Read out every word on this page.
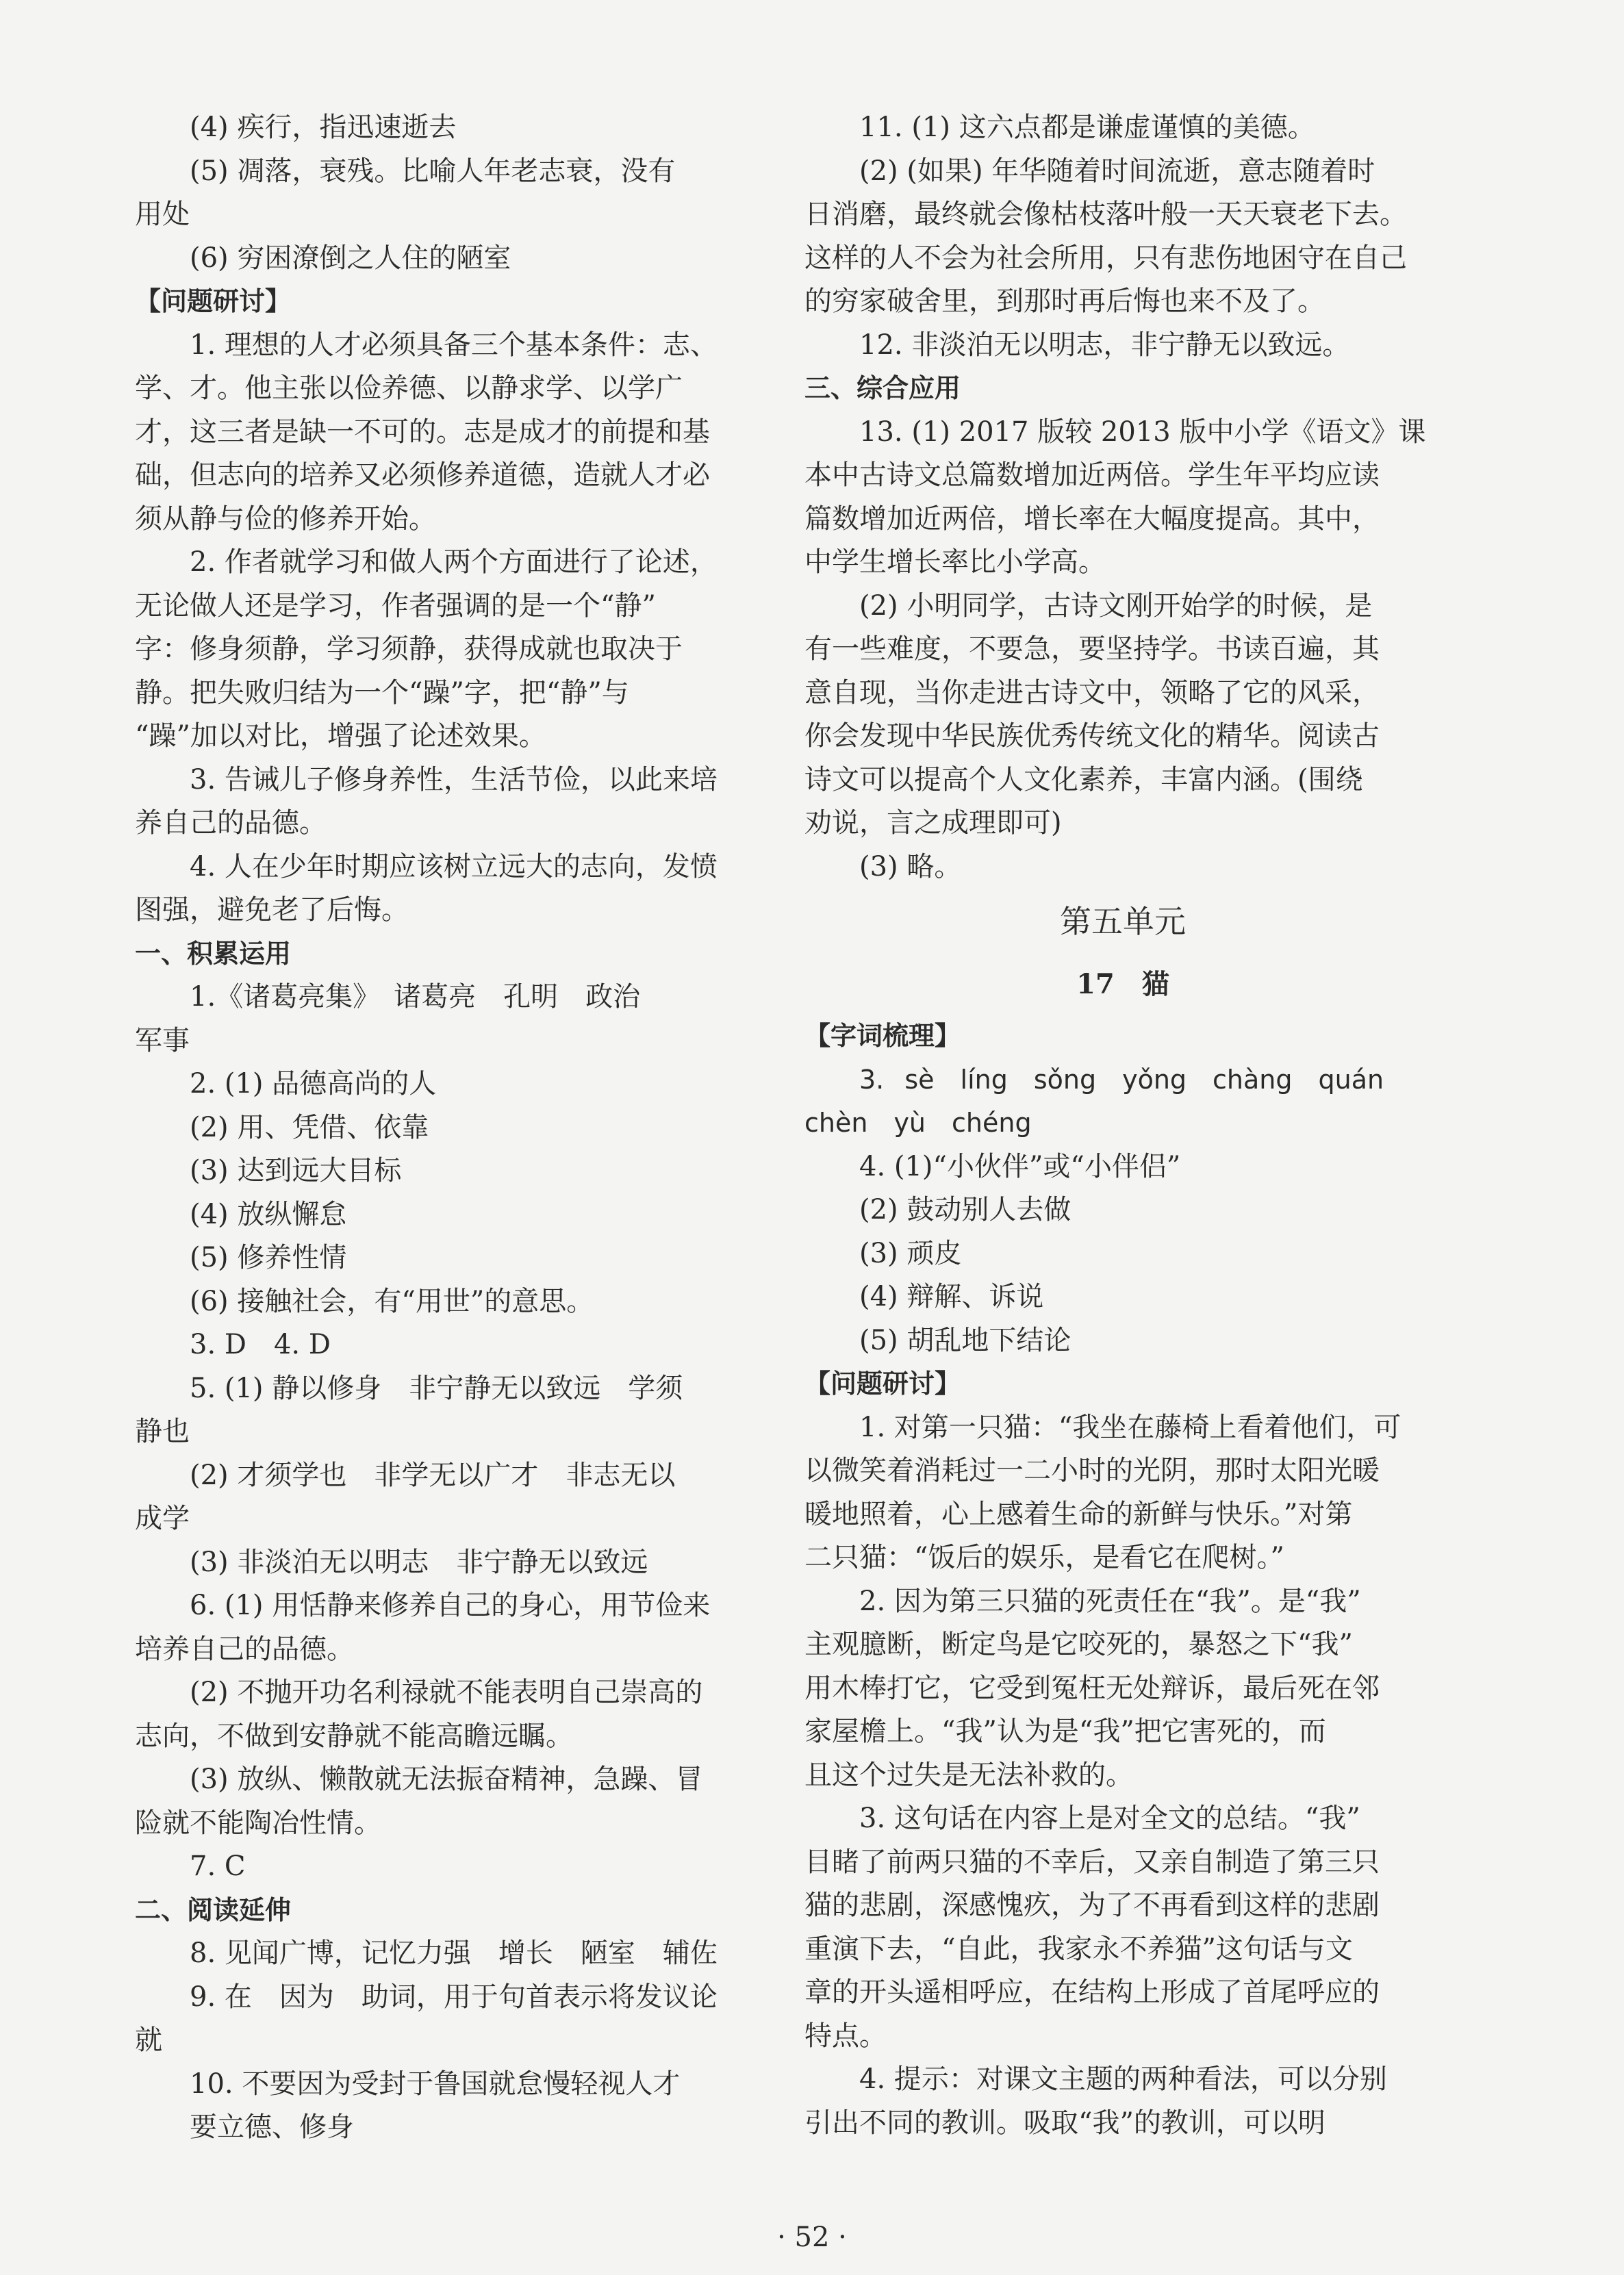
(4) 疾行，指迅速逝去
(5) 凋落，衰残。比喻人年老志衰，没有
用处
(6) 穷困潦倒之人住的陋室
【问题研讨】
1. 理想的人才必须具备三个基本条件：志、
学、才。他主张以俭养德、以静求学、以学广
才，这三者是缺一不可的。志是成才的前提和基
础，但志向的培养又必须修养道德，造就人才必
须从静与俭的修养开始。
2. 作者就学习和做人两个方面进行了论述，
无论做人还是学习，作者强调的是一个“静”
字：修身须静，学习须静，获得成就也取决于
静。把失败归结为一个“躁”字，把“静”与
“躁”加以对比，增强了论述效果。
3. 告诫儿子修身养性，生活节俭，以此来培
养自己的品德。
4. 人在少年时期应该树立远大的志向，发愤
图强，避免老了后悔。
一、积累运用
1.《诸葛亮集》　诸葛亮　孔明　政治
军事
2. (1) 品德高尚的人
(2) 用、凭借、依靠
(3) 达到远大目标
(4) 放纵懈怠
(5) 修养性情
(6) 接触社会，有“用世”的意思。
3. D　4. D
5. (1) 静以修身　非宁静无以致远　学须
静也
(2) 才须学也　非学无以广才　非志无以
成学
(3) 非淡泊无以明志　非宁静无以致远
6. (1) 用恬静来修养自己的身心，用节俭来
培养自己的品德。
(2) 不抛开功名利禄就不能表明自己崇高的
志向，不做到安静就不能高瞻远瞩。
(3) 放纵、懒散就无法振奋精神，急躁、冒
险就不能陶冶性情。
7. C
二、阅读延伸
8. 见闻广博，记忆力强　增长　陋室　辅佐
9. 在　因为　助词，用于句首表示将发议论
就
10. 不要因为受封于鲁国就怠慢轻视人才
要立德、修身
11. (1) 这六点都是谦虚谨慎的美德。
(2) (如果) 年华随着时间流逝，意志随着时
日消磨，最终就会像枯枝落叶般一天天衰老下去。
这样的人不会为社会所用，只有悲伤地困守在自己
的穷家破舍里，到那时再后悔也来不及了。
12. 非淡泊无以明志，非宁静无以致远。
三、综合应用
13. (1) 2017 版较 2013 版中小学《语文》课
本中古诗文总篇数增加近两倍。学生年平均应读
篇数增加近两倍，增长率在大幅度提高。其中，
中学生增长率比小学高。
(2) 小明同学，古诗文刚开始学的时候，是
有一些难度，不要急，要坚持学。书读百遍，其
意自现，当你走进古诗文中，领略了它的风采，
你会发现中华民族优秀传统文化的精华。阅读古
诗文可以提高个人文化素养，丰富内涵。(围绕
劝说，言之成理即可)
(3) 略。
第五单元
17　猫
【字词梳理】
3. sè　líng　sǒng　yǒng　chàng　quán
chèn　yù　chéng
4. (1)“小伙伴”或“小伴侣”
(2) 鼓动别人去做
(3) 顽皮
(4) 辩解、诉说
(5) 胡乱地下结论
【问题研讨】
1. 对第一只猫：“我坐在藤椅上看着他们，可
以微笑着消耗过一二小时的光阴，那时太阳光暖
暖地照着，心上感着生命的新鲜与快乐。”对第
二只猫：“饭后的娱乐，是看它在爬树。”
2. 因为第三只猫的死责任在“我”。是“我”
主观臆断，断定鸟是它咬死的，暴怒之下“我”
用木棒打它，它受到冤枉无处辩诉，最后死在邻
家屋檐上。“我”认为是“我”把它害死的，而
且这个过失是无法补救的。
3. 这句话在内容上是对全文的总结。“我”
目睹了前两只猫的不幸后，又亲自制造了第三只
猫的悲剧，深感愧疚，为了不再看到这样的悲剧
重演下去，“自此，我家永不养猫”这句话与文
章的开头遥相呼应，在结构上形成了首尾呼应的
特点。
4. 提示：对课文主题的两种看法，可以分别
引出不同的教训。吸取“我”的教训，可以明
· 52 ·
